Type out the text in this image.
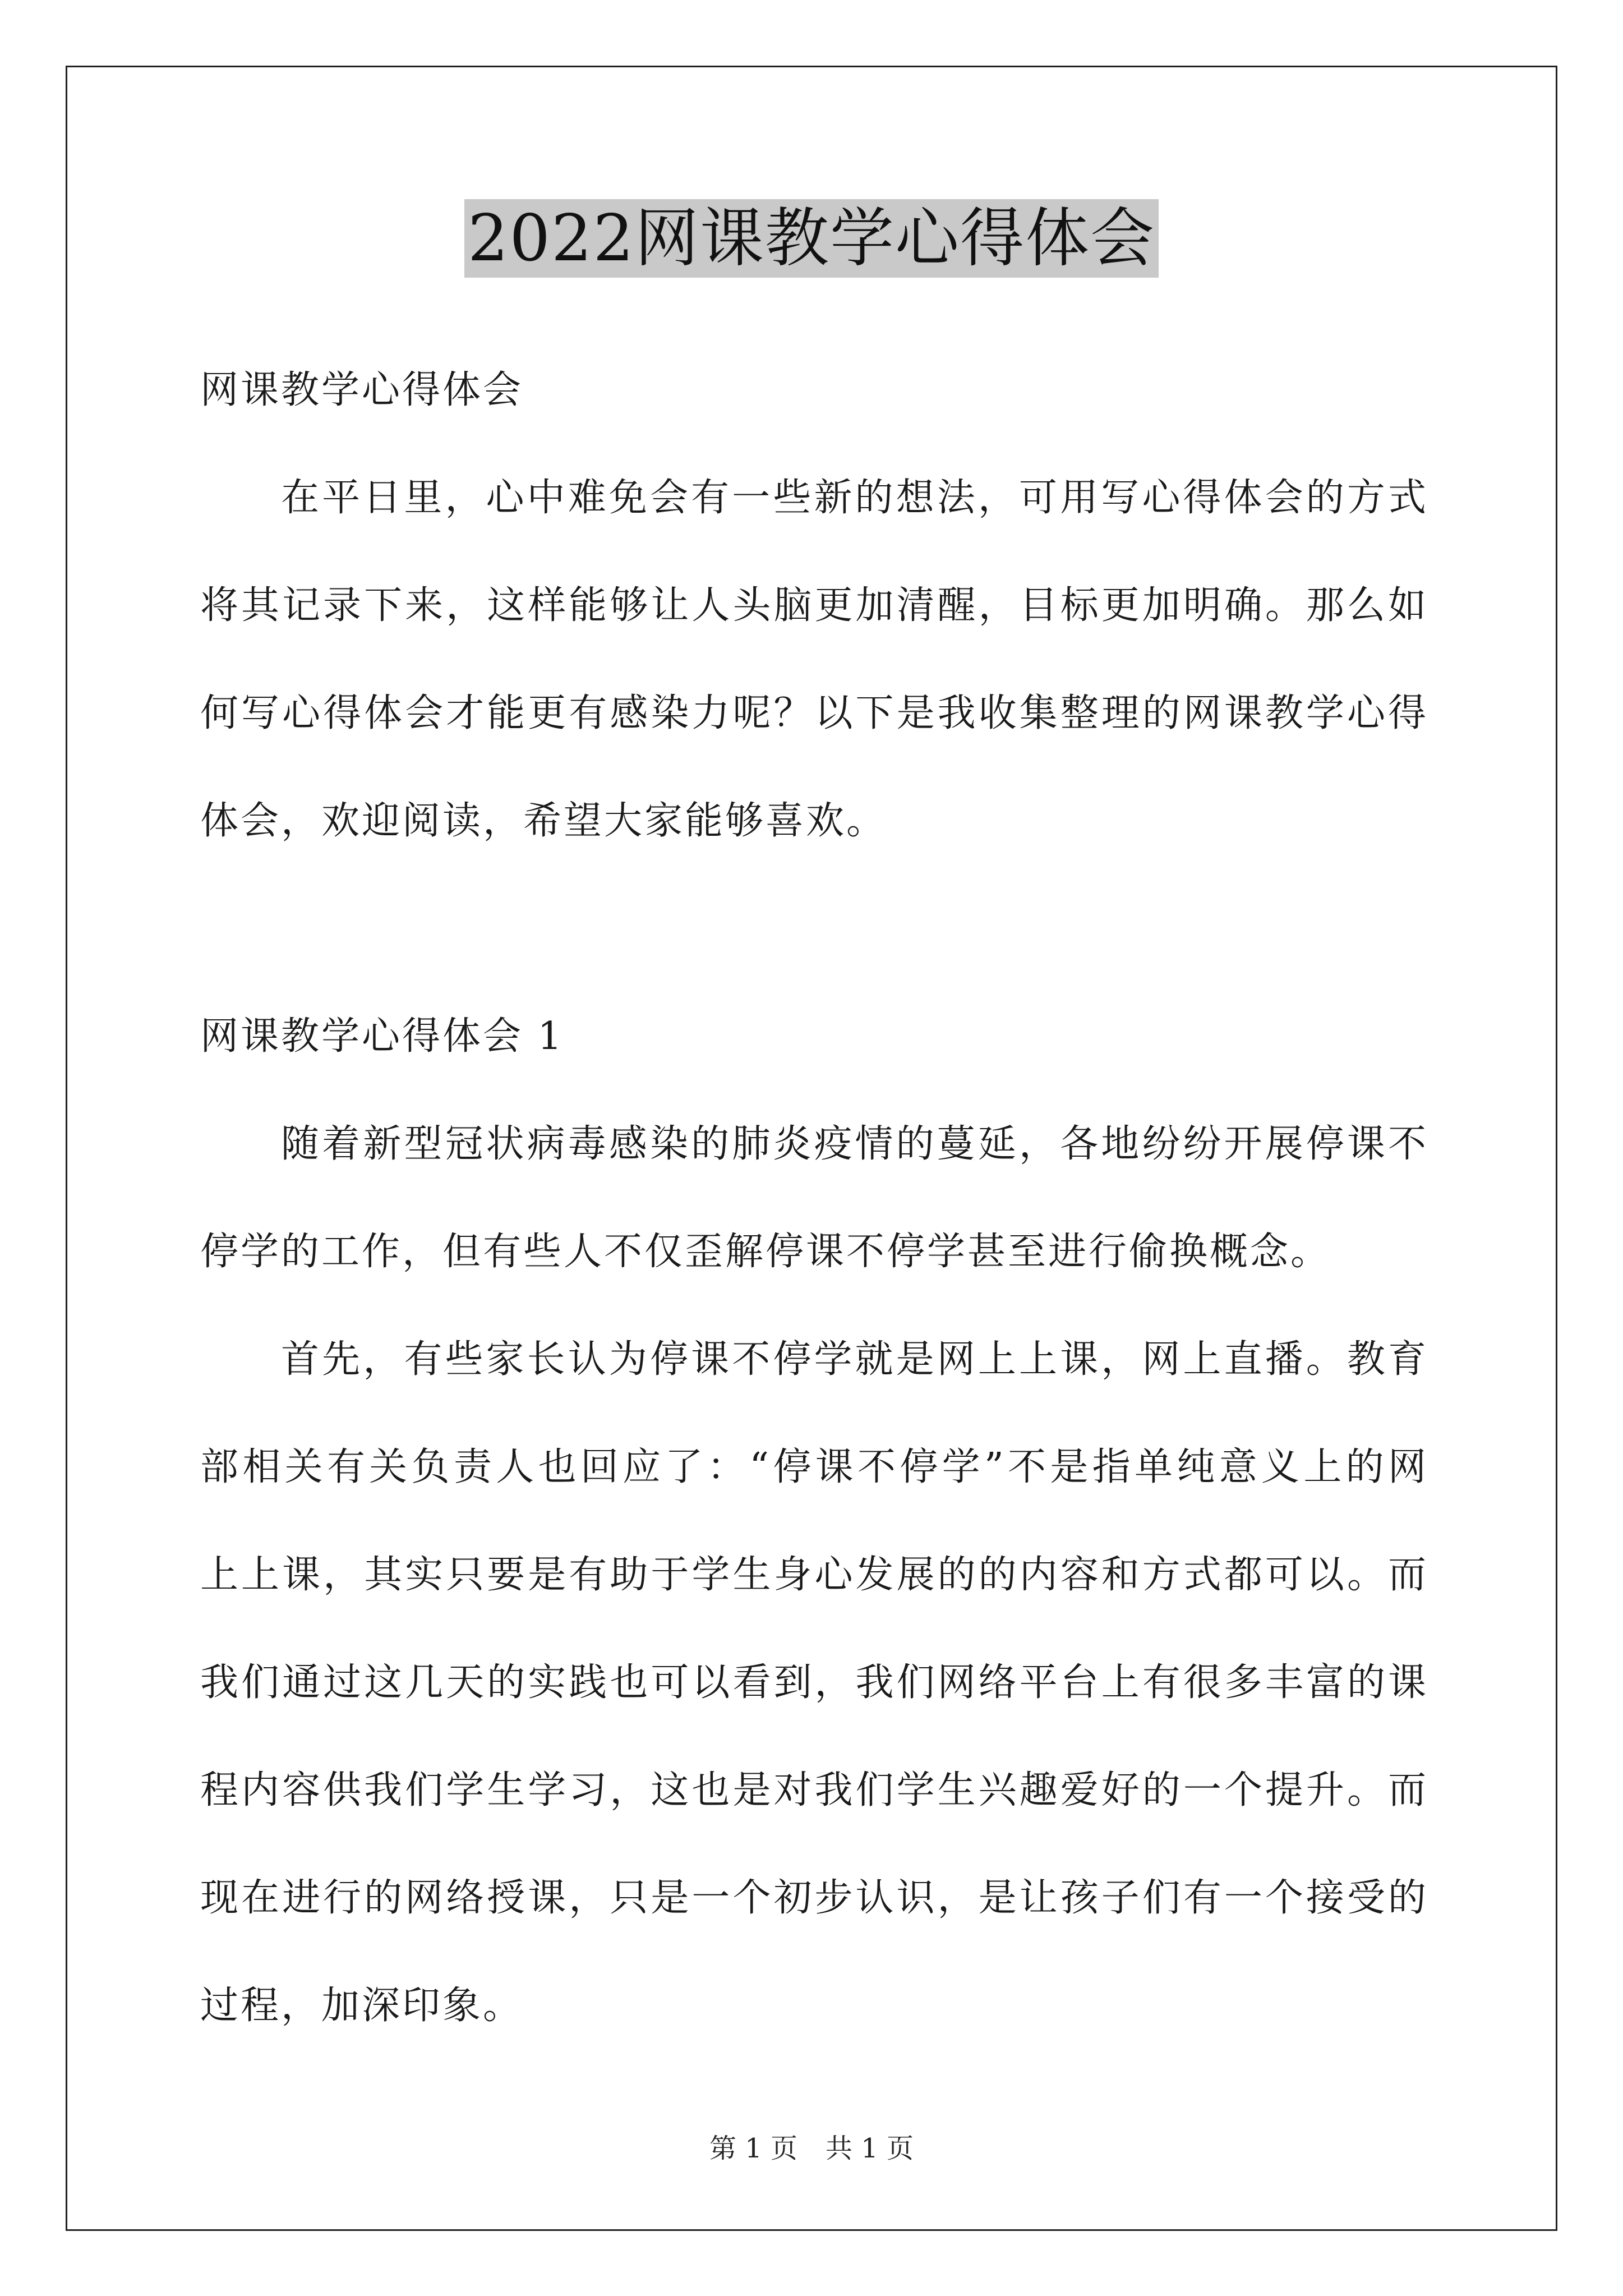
2022网课教学心得体会
网课教学心得体会
在平日里，心中难免会有一些新的想法，可用写心得体会的方式
将其记录下来，这样能够让人头脑更加清醒，目标更加明确。那么如
何写心得体会才能更有感染力呢？以下是我收集整理的网课教学心得
体会，欢迎阅读，希望大家能够喜欢。
网课教学心得体会 1
随着新型冠状病毒感染的肺炎疫情的蔓延，各地纷纷开展停课不
停学的工作，但有些人不仅歪解停课不停学甚至进行偷换概念。
首先，有些家长认为停课不停学就是网上上课，网上直播。教育
部相关有关负责人也回应了：“停课不停学”不是指单纯意义上的网
上上课，其实只要是有助于学生身心发展的的内容和方式都可以。而
我们通过这几天的实践也可以看到，我们网络平台上有很多丰富的课
程内容供我们学生学习，这也是对我们学生兴趣爱好的一个提升。而
现在进行的网络授课，只是一个初步认识，是让孩子们有一个接受的
过程，加深印象。
第 1 页 共 1 页
